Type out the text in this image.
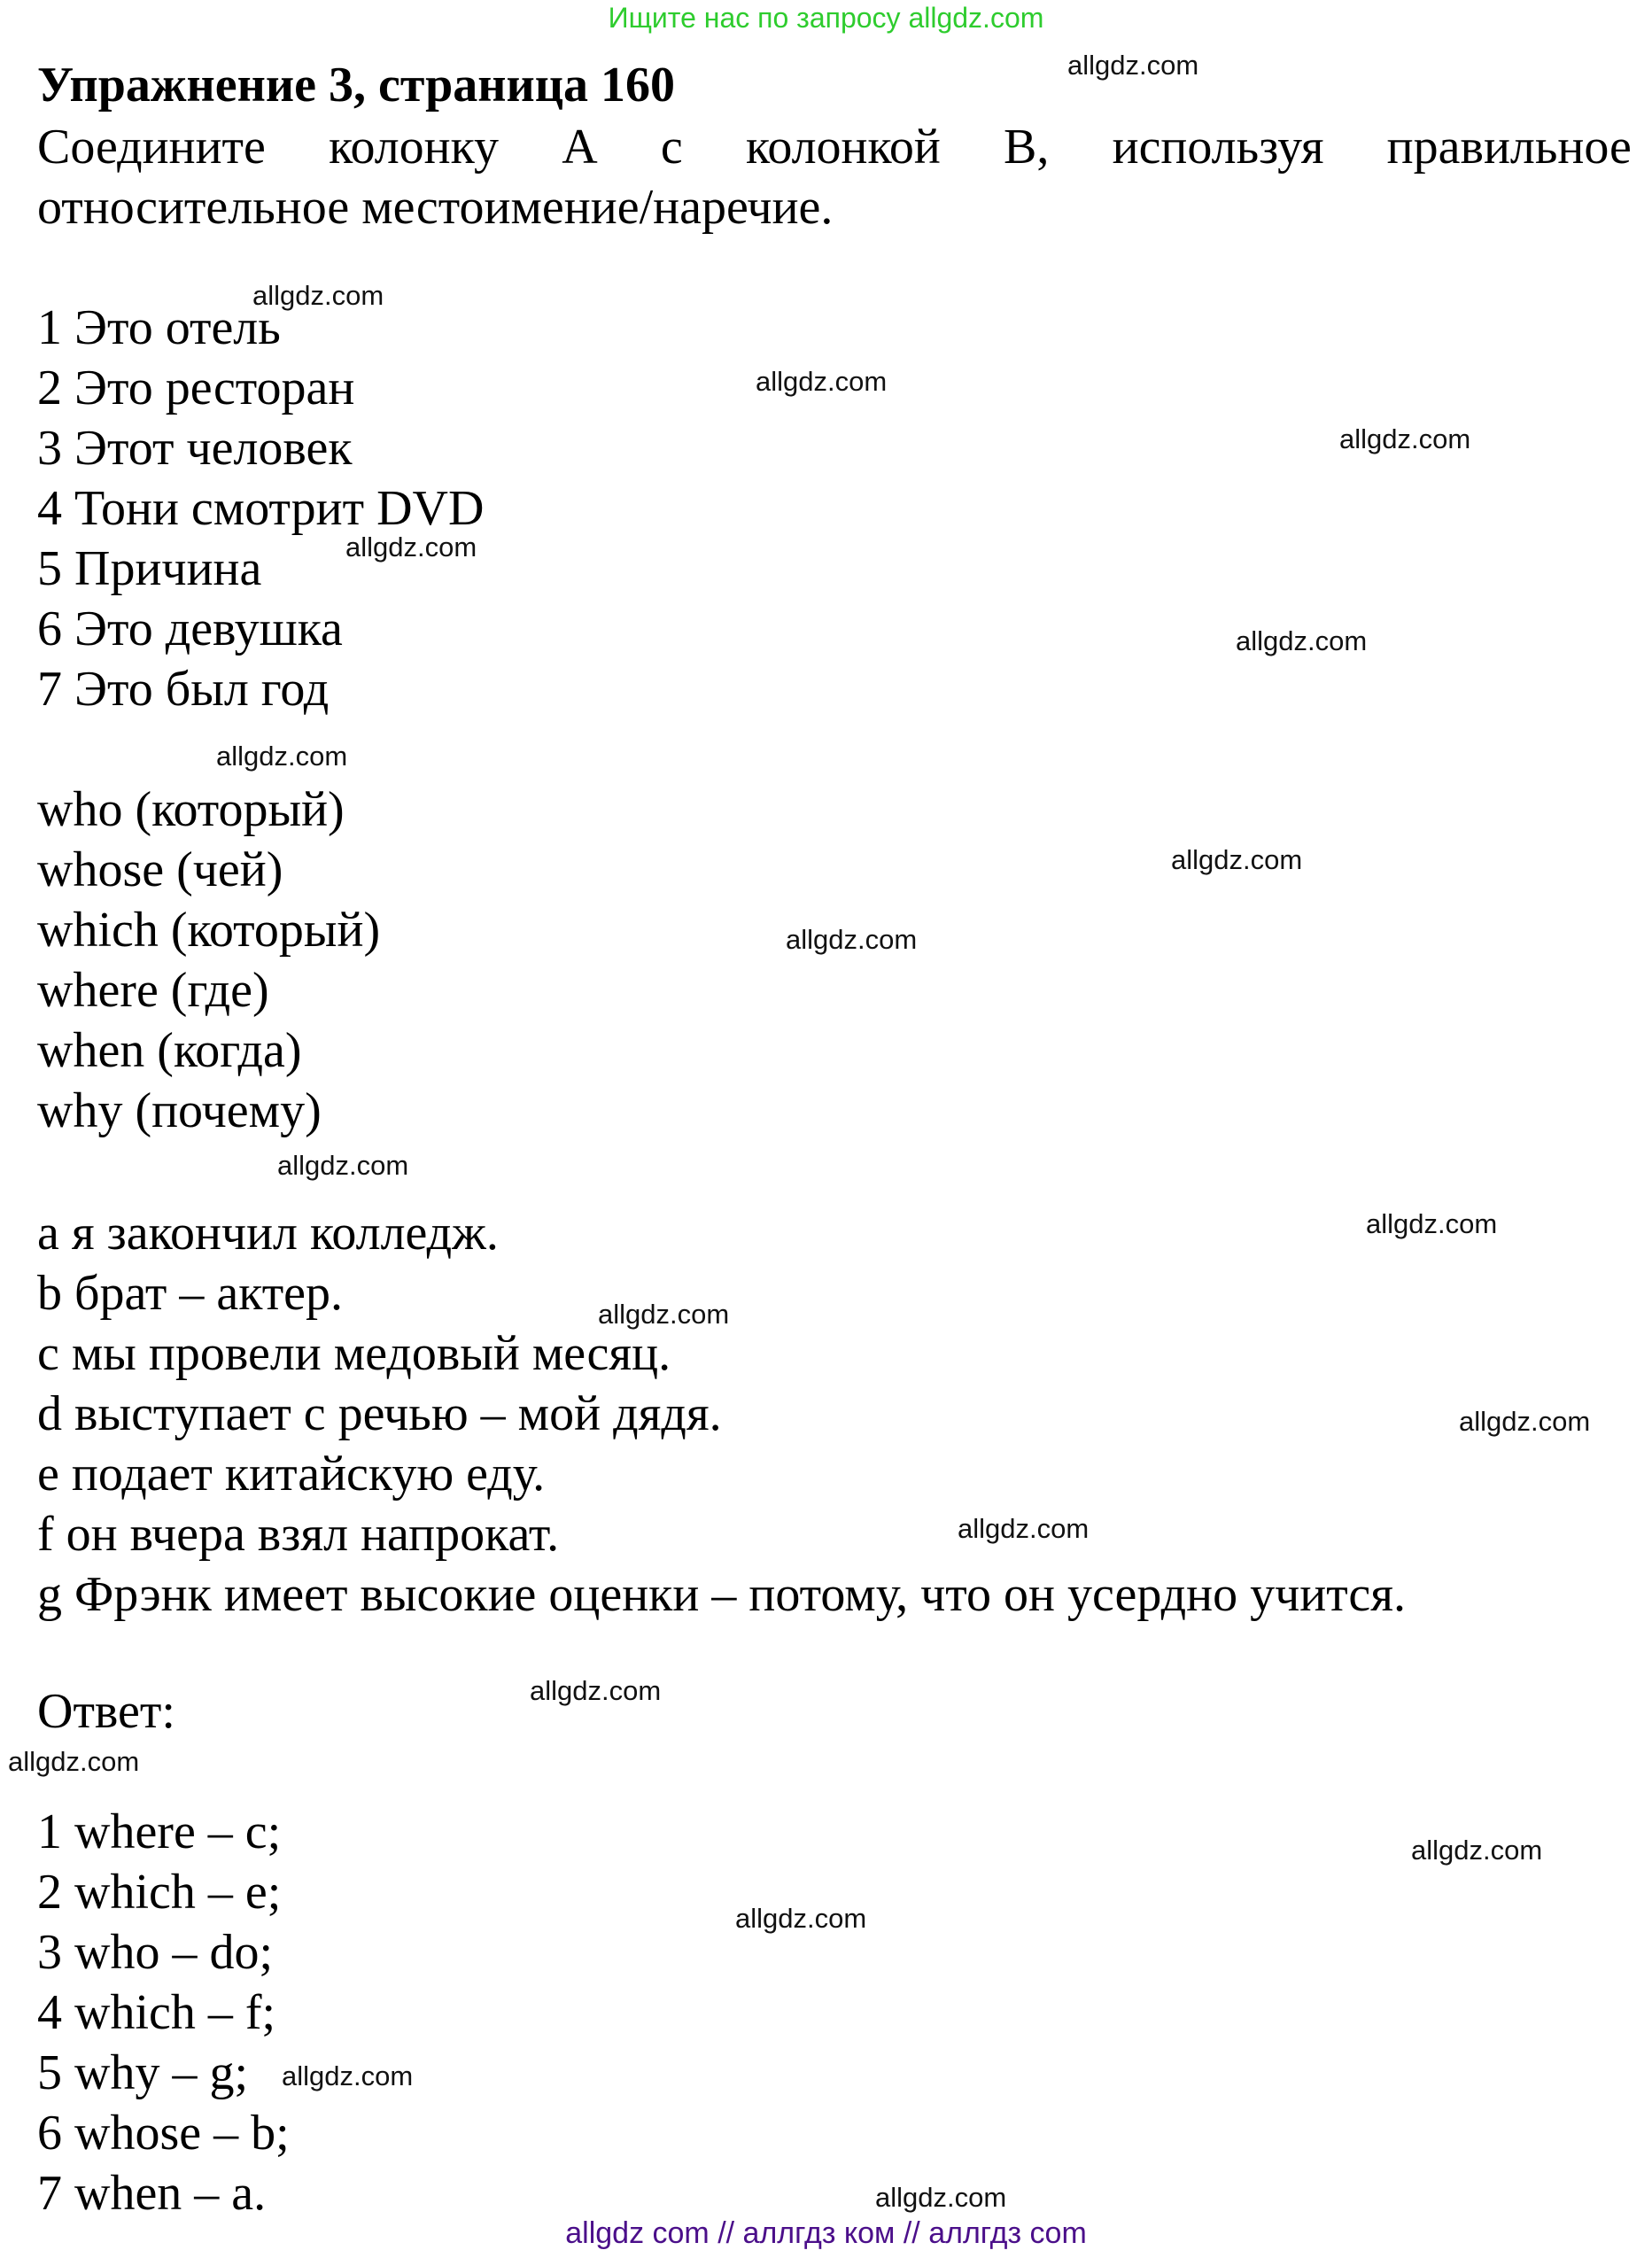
Ищите нас по запросу allgdz.com
Упражнение 3, страница 160
Соедините колонку A с колонкой B, используя правильное
относительное местоимение/наречие.
1 Это отель
2 Это ресторан
3 Этот человек
4 Тони смотрит DVD
5 Причина
6 Это девушка
7 Это был год
who (который)
whose (чей)
which (который)
where (где)
when (когда)
why (почему)
a я закончил колледж.
b брат – актер.
c мы провели медовый месяц.
d выступает с речью – мой дядя.
e подает китайскую еду.
f он вчера взял напрокат.
g Фрэнк имеет высокие оценки – потому, что он усердно учится.
Ответ:
1 where – c;
2 which – e;
3 who – do;
4 which – f;
5 why – g;
6 whose – b;
7 when – a.
allgdz.com
allgdz.com
allgdz.com
allgdz.com
allgdz.com
allgdz.com
allgdz.com
allgdz.com
allgdz.com
allgdz.com
allgdz.com
allgdz.com
allgdz.com
allgdz.com
allgdz.com
allgdz.com
allgdz.com
allgdz.com
allgdz.com
allgdz.com
allgdz com // аллгдз ком // аллгдз com
